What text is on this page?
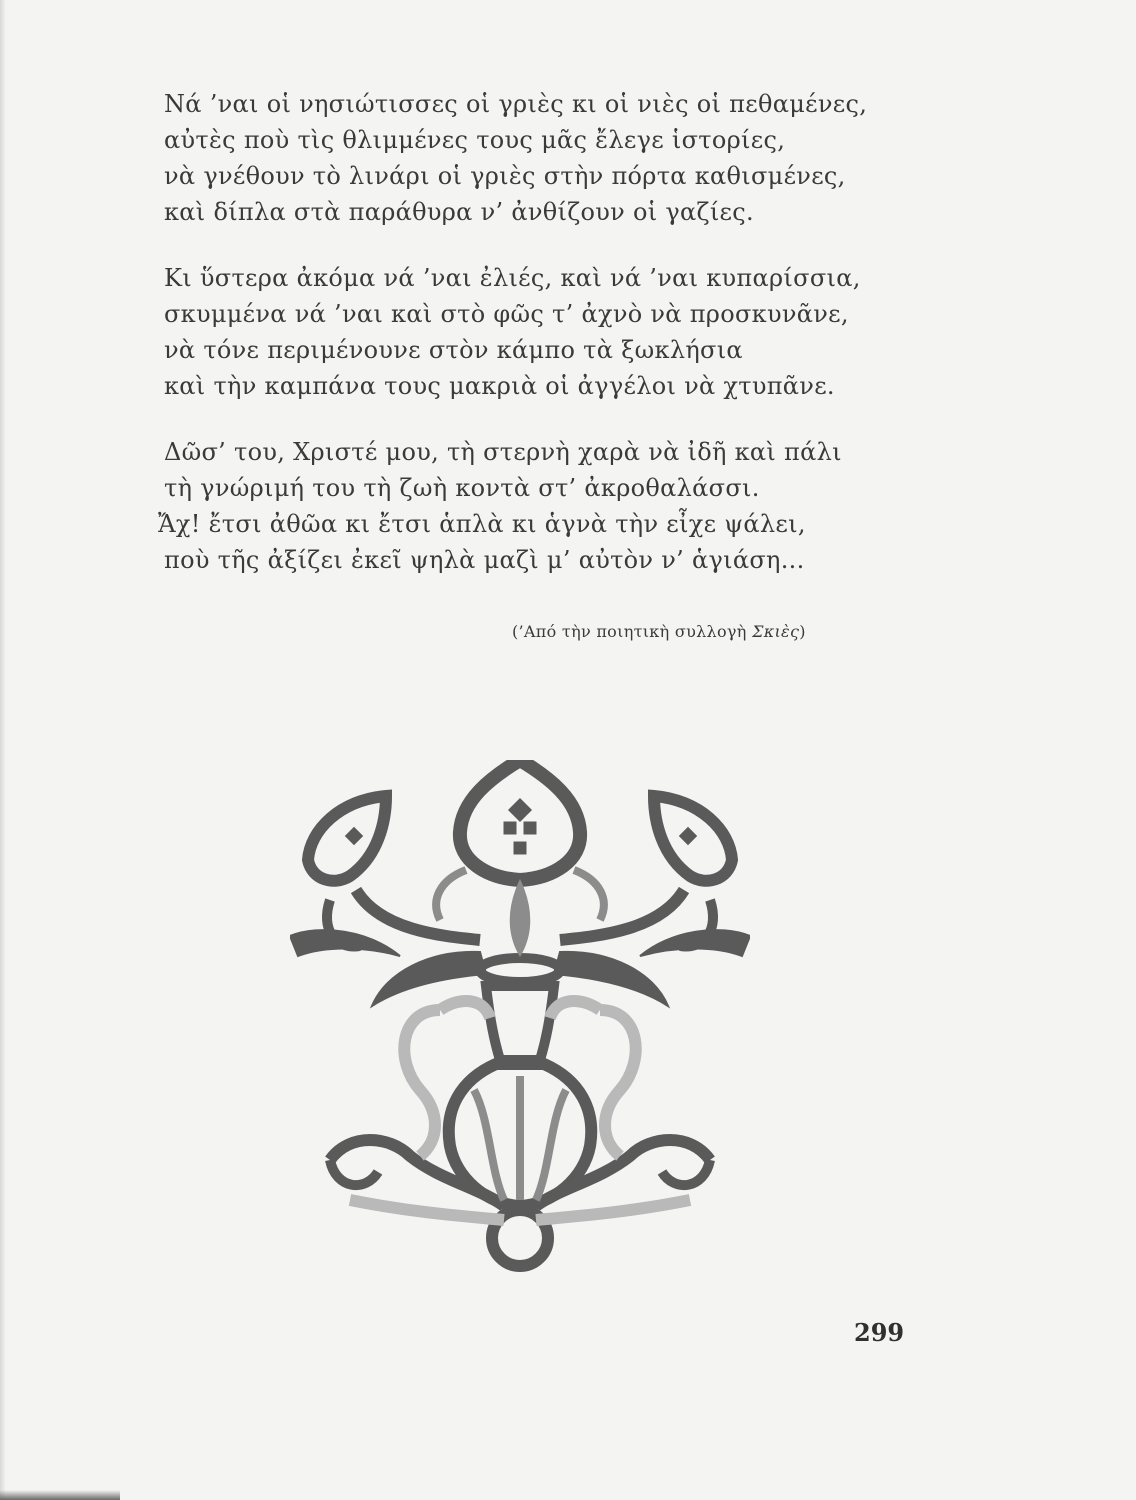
Νά ’ναι οἱ νησιώτισσες οἱ γριὲς κι οἱ νιὲς οἱ πεθαμένες,
αὐτὲς ποὺ τὶς θλιμμένες τους μᾶς ἔλεγε ἱστορίες,
νὰ γνέθουν τὸ λινάρι οἱ γριὲς στὴν πόρτα καθισμένες,
καὶ δίπλα στὰ παράθυρα ν’ ἀνθίζουν οἱ γαζίες.
Κι ὕστερα ἀκόμα νά ’ναι ἐλιές, καὶ νά ’ναι κυπαρίσσια,
σκυμμένα νά ’ναι καὶ στὸ φῶς τ’ ἀχνὸ νὰ προσκυνᾶνε,
νὰ τόνε περιμένουνε στὸν κάμπο τὰ ξωκλήσια
καὶ τὴν καμπάνα τους μακριὰ οἱ ἀγγέλοι νὰ χτυπᾶνε.
Δῶσ’ του, Χριστέ μου, τὴ στερνὴ χαρὰ νὰ ἰδῆ καὶ πάλι
τὴ γνώριμή του τὴ ζωὴ κοντὰ στ’ ἀκροθαλάσσι.
Ἄχ! ἔτσι ἀθῶα κι ἔτσι ἁπλὰ κι ἁγνὰ τὴν εἶχε ψάλει,
ποὺ τῆς ἀξίζει ἐκεῖ ψηλὰ μαζὶ μ’ αὐτὸν ν’ ἁγιάση...
(’Από τὴν ποιητικὴ συλλογὴ Σκιὲς)
299
